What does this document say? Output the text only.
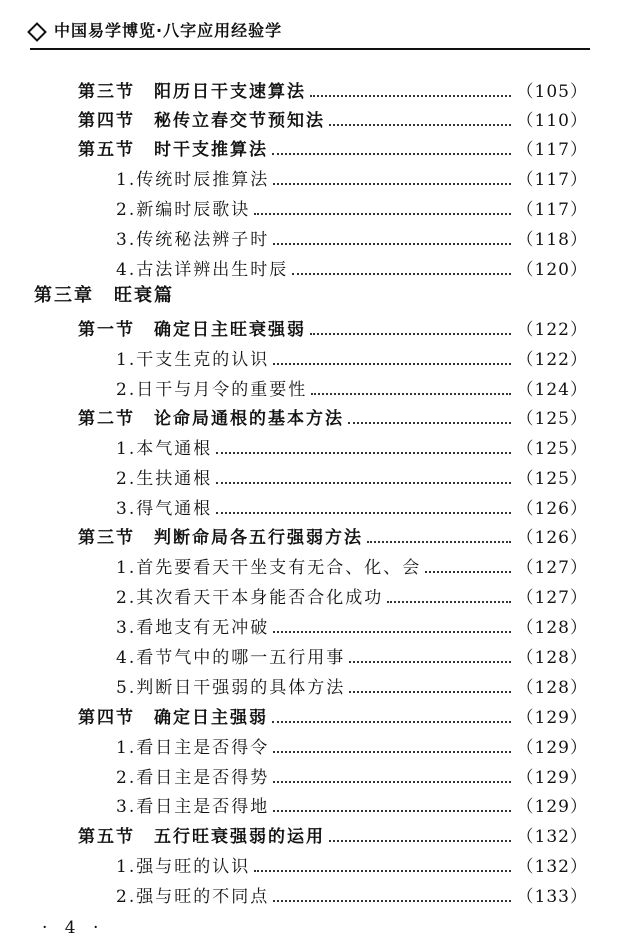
中国易学博览·八字应用经验学
第三节　阳历日干支速算法	（105）
第四节　秘传立春交节预知法	（110）
第五节　时干支推算法	（117）
1.传统时辰推算法	（117）
2.新编时辰歌诀	（117）
3.传统秘法辨子时	（118）
4.古法详辨出生时辰	（120）
第三章　旺衰篇
第一节　确定日主旺衰强弱	（122）
1.干支生克的认识	（122）
2.日干与月令的重要性	（124）
第二节　论命局通根的基本方法	（125）
1.本气通根	（125）
2.生扶通根	（125）
3.得气通根	（126）
第三节　判断命局各五行强弱方法	（126）
1.首先要看天干坐支有无合、化、会	（127）
2.其次看天干本身能否合化成功	（127）
3.看地支有无冲破	（128）
4.看节气中的哪一五行用事	（128）
5.判断日干强弱的具体方法	（128）
第四节　确定日主强弱	（129）
1.看日主是否得令	（129）
2.看日主是否得势	（129）
3.看日主是否得地	（129）
第五节　五行旺衰强弱的运用	（132）
1.强与旺的认识	（132）
2.强与旺的不同点	（133）
· 4 ·
